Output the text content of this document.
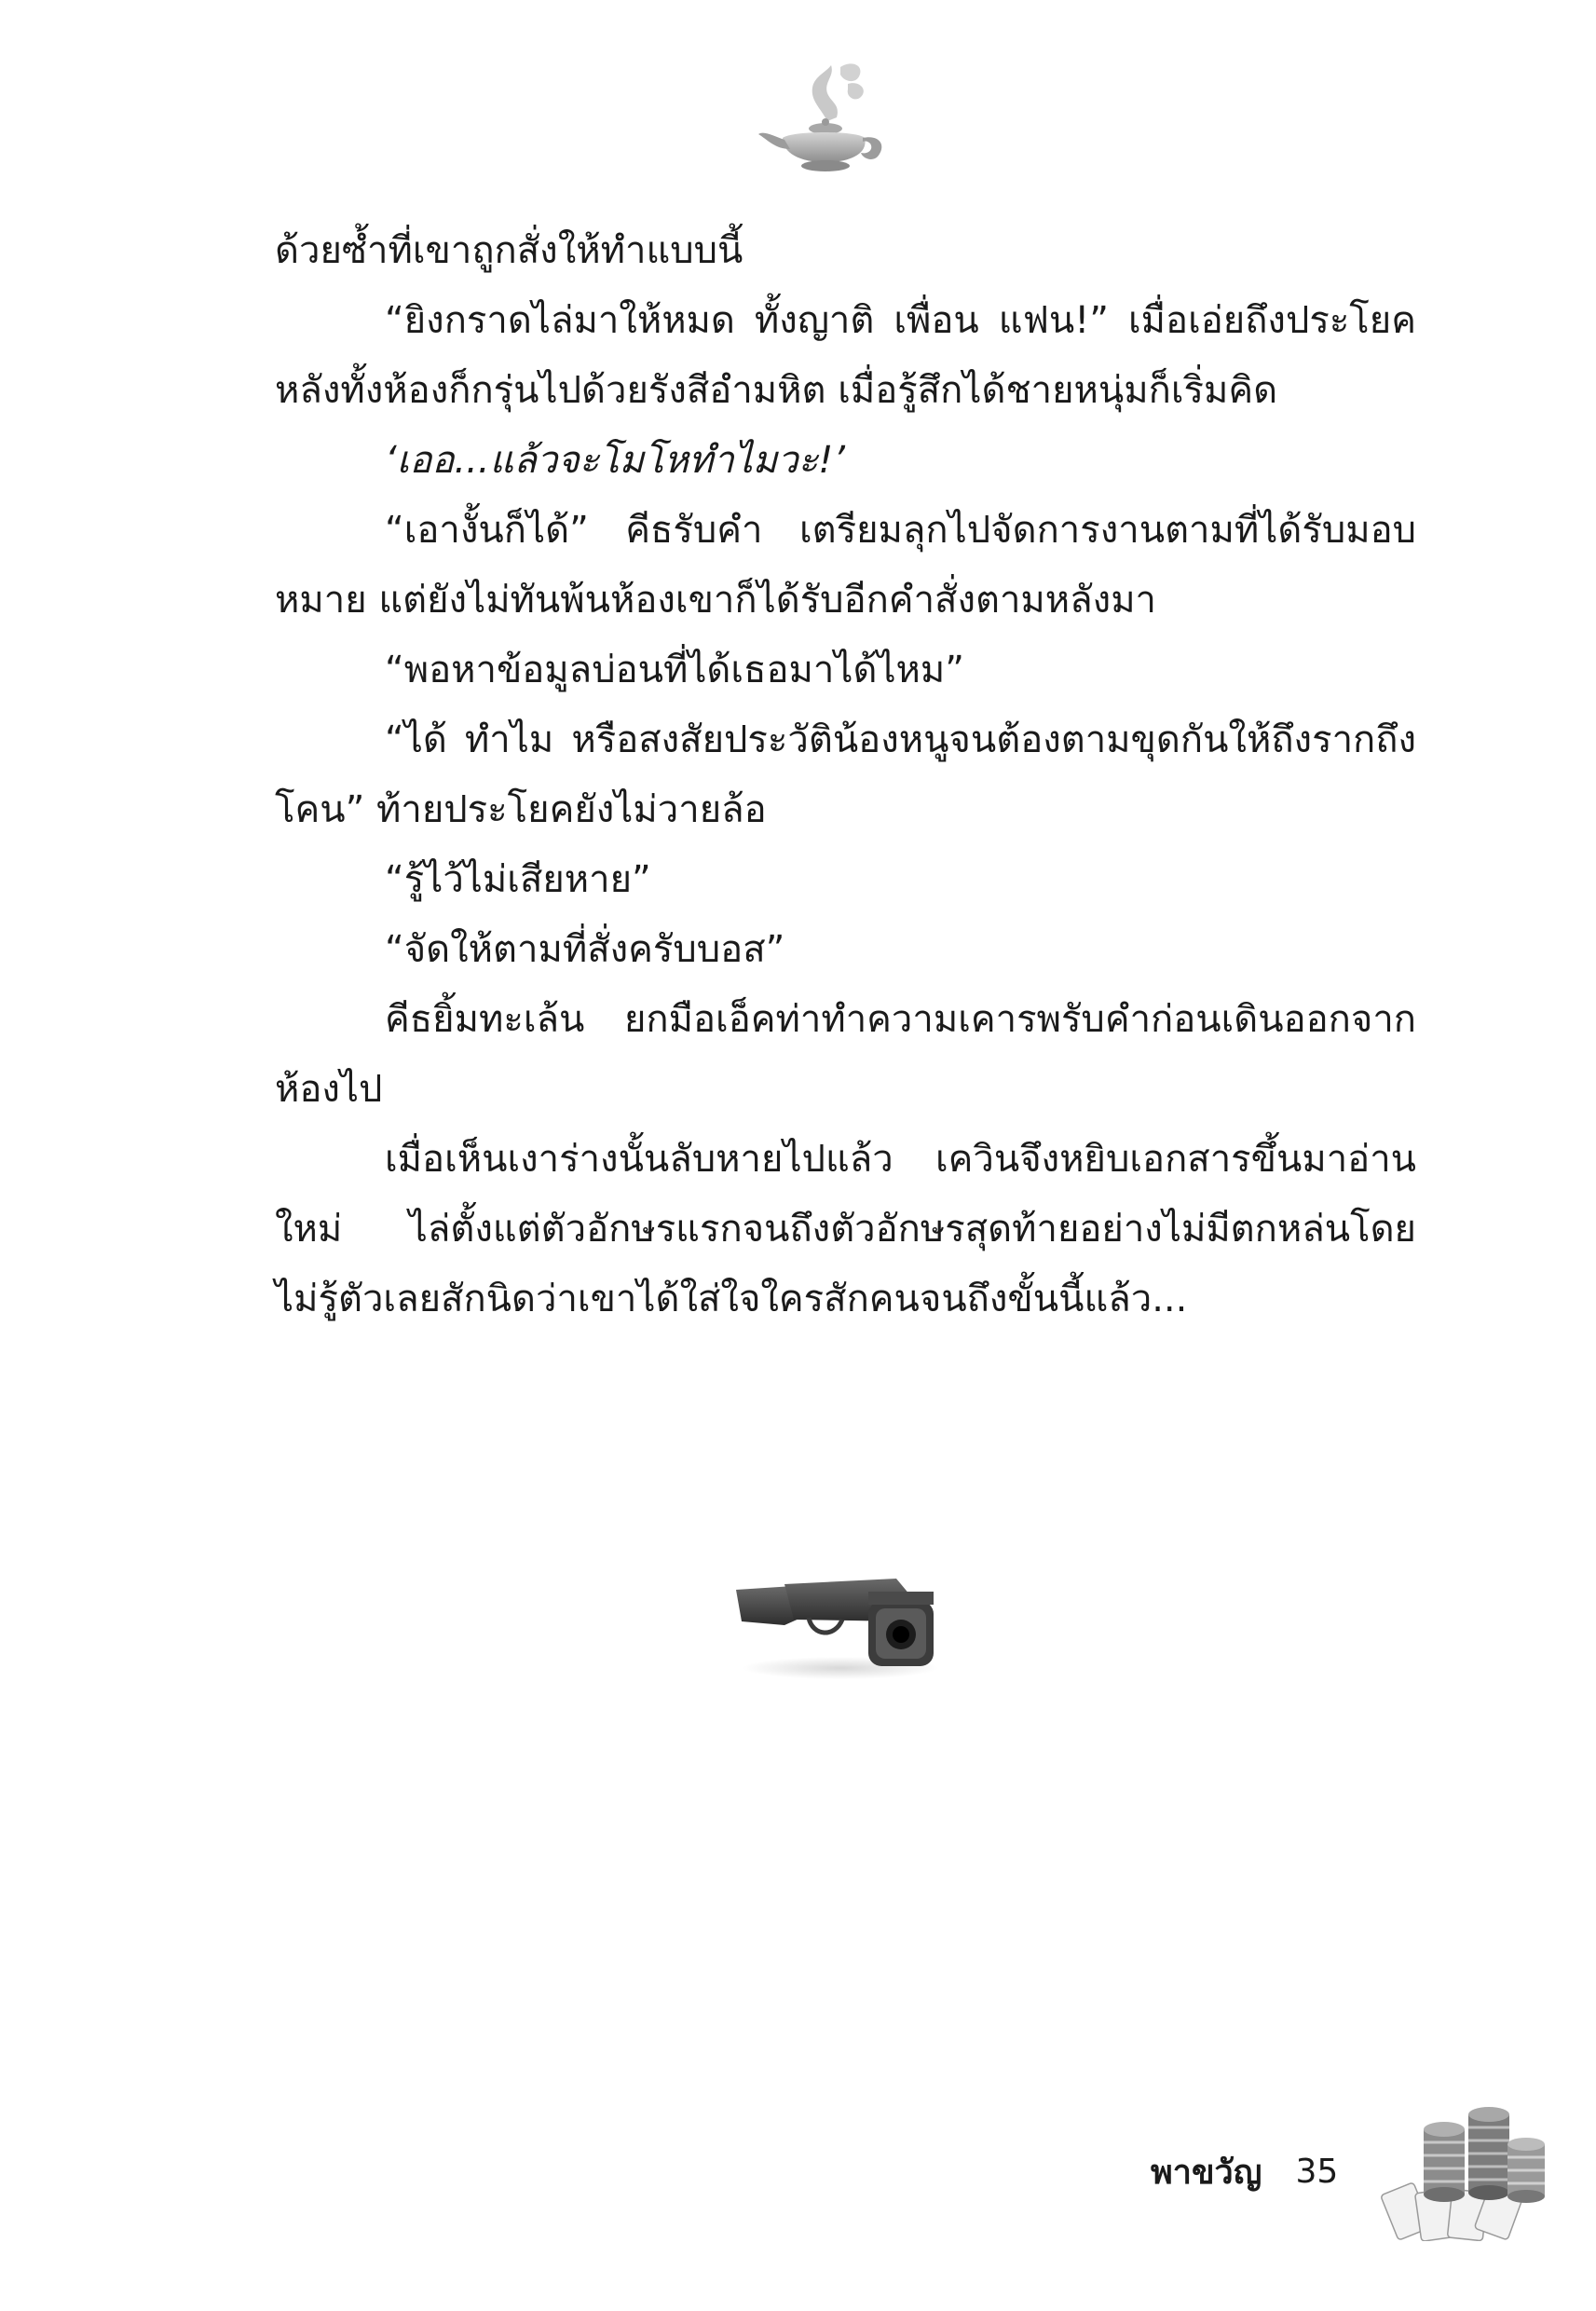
ด้วยซ้ำที่เขาถูกสั่งให้ทำแบบนี้

“ยิงกราดไล่มาให้หมด ทั้งญาติ เพื่อน แฟน!” เมื่อเอ่ยถึงประโยคหลังทั้งห้องก็กรุ่นไปด้วยรังสีอำมหิต เมื่อรู้สึกได้ชายหนุ่มก็เริ่มคิด

‘เออ...แล้วจะโมโหทำไมวะ!’

“เอางั้นก็ได้” คีธรับคำ เตรียมลุกไปจัดการงานตามที่ได้รับมอบหมาย แต่ยังไม่ทันพ้นห้องเขาก็ได้รับอีกคำสั่งตามหลังมา

“พอหาข้อมูลบ่อนที่ได้เธอมาได้ไหม”

“ได้ ทำไม หรือสงสัยประวัติน้องหนูจนต้องตามขุดกันให้ถึงรากถึงโคน” ท้ายประโยคยังไม่วายล้อ

“รู้ไว้ไม่เสียหาย”

“จัดให้ตามที่สั่งครับบอส”

คีธยิ้มทะเล้น ยกมือเอ็คท่าทำความเคารพรับคำก่อนเดินออกจากห้องไป

เมื่อเห็นเงาร่างนั้นลับหายไปแล้ว เควินจึงหยิบเอกสารขึ้นมาอ่านใหม่ ไล่ตั้งแต่ตัวอักษรแรกจนถึงตัวอักษรสุดท้ายอย่างไม่มีตกหล่นโดยไม่รู้ตัวเลยสักนิดว่าเขาได้ใส่ใจใครสักคนจนถึงขั้นนี้แล้ว...

พาขวัญ 35
